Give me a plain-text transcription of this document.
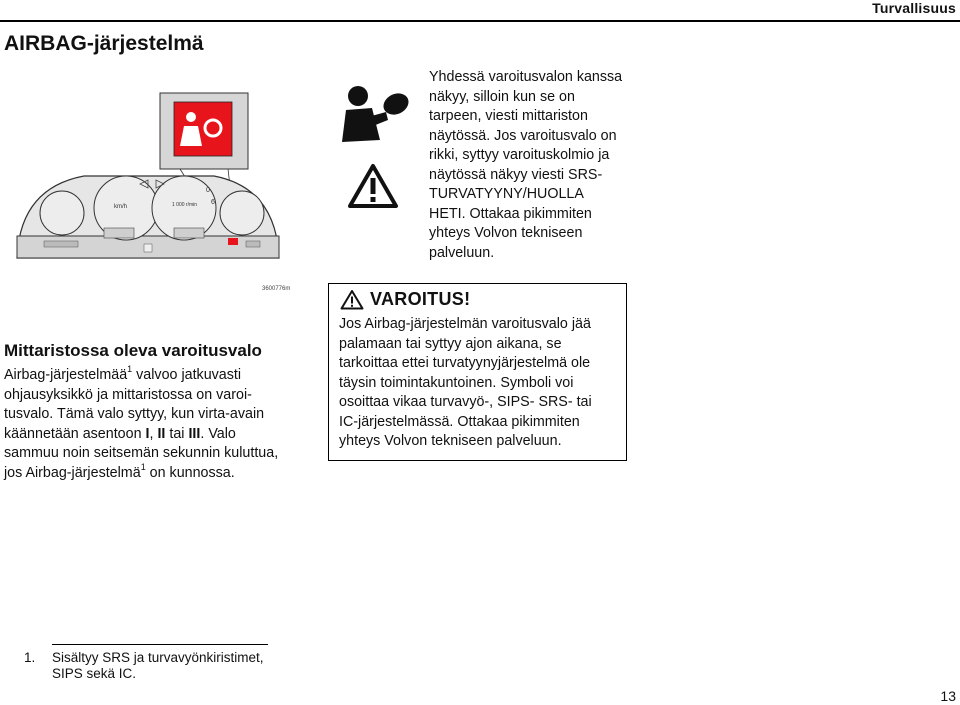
Turvallisuus
AIRBAG-järjestelmä
km/h	1 000 r/min
0
6
3600776m
Yhdessä varoitusvalon kanssa
näkyy, silloin kun se on
tarpeen, viesti mittariston
näytössä. Jos varoitusvalo on
rikki, syttyy varoituskolmio ja
näytössä näkyy viesti SRS-
TURVATYYNY/HUOLLA
HETI. Ottakaa pikimmiten
yhteys Volvon tekniseen
palveluun.
Mittaristossa oleva varoitusvalo
Airbag-järjestelmää$^1$ valvoo jatkuvasti
ohjausyksikkö ja mittaristossa on varoi-
tusvalo. Tämä valo syttyy, kun virta-avain
käännetään asentoon I, II tai III. Valo
sammuu noin seitsemän sekunnin kuluttua,
jos Airbag-järjestelmä$^1$ on kunnossa.
VAROITUS!
Jos Airbag-järjestelmän varoitusvalo jää
palamaan tai syttyy ajon aikana, se
tarkoittaa ettei turvatyynyjärjestelmä ole
täysin toimintakuntoinen. Symboli voi
osoittaa vikaa turvavyö-, SIPS- SRS- tai
IC-järjestelmässä. Ottakaa pikimmiten
yhteys Volvon tekniseen palveluun.
1. Sisältyy SRS ja turvavyönkiristimet,
SIPS sekä IC.
13
